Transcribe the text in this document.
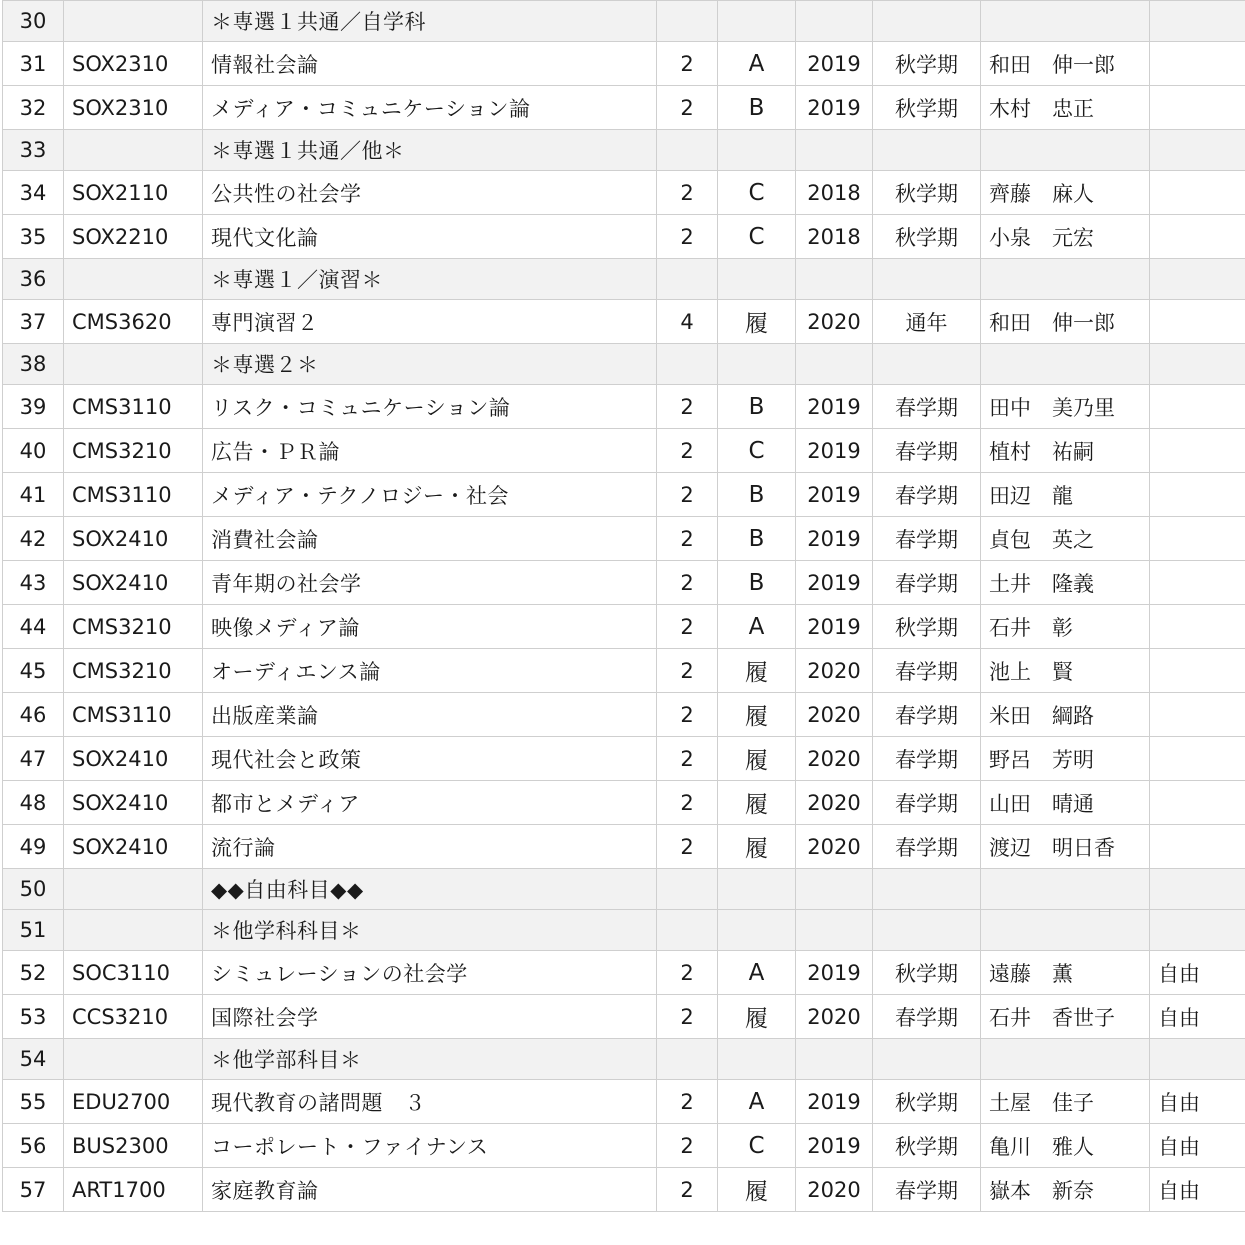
30		＊専選１共通／自学科						
31	SOX2310	情報社会論	2	A	2019	秋学期	和田　伸一郎	
32	SOX2310	メディア・コミュニケーション論	2	B	2019	秋学期	木村　忠正	
33		＊専選１共通／他＊						
34	SOX2110	公共性の社会学	2	C	2018	秋学期	齊藤　麻人	
35	SOX2210	現代文化論	2	C	2018	秋学期	小泉　元宏	
36		＊専選１／演習＊						
37	CMS3620	専門演習２	4	履	2020	通年	和田　伸一郎	
38		＊専選２＊						
39	CMS3110	リスク・コミュニケーション論	2	B	2019	春学期	田中　美乃里	
40	CMS3210	広告・ＰＲ論	2	C	2019	春学期	植村　祐嗣	
41	CMS3110	メディア・テクノロジー・社会	2	B	2019	春学期	田辺　龍	
42	SOX2410	消費社会論	2	B	2019	春学期	貞包　英之	
43	SOX2410	青年期の社会学	2	B	2019	春学期	土井　隆義	
44	CMS3210	映像メディア論	2	A	2019	秋学期	石井　彰	
45	CMS3210	オーディエンス論	2	履	2020	春学期	池上　賢	
46	CMS3110	出版産業論	2	履	2020	春学期	米田　綱路	
47	SOX2410	現代社会と政策	2	履	2020	春学期	野呂　芳明	
48	SOX2410	都市とメディア	2	履	2020	春学期	山田　晴通	
49	SOX2410	流行論	2	履	2020	春学期	渡辺　明日香	
50		◆◆自由科目◆◆						
51		＊他学科科目＊						
52	SOC3110	シミュレーションの社会学	2	A	2019	秋学期	遠藤　薫	自由
53	CCS3210	国際社会学	2	履	2020	春学期	石井　香世子	自由
54		＊他学部科目＊						
55	EDU2700	現代教育の諸問題　３	2	A	2019	秋学期	土屋　佳子	自由
56	BUS2300	コーポレート・ファイナンス	2	C	2019	秋学期	亀川　雅人	自由
57	ART1700	家庭教育論	2	履	2020	春学期	嶽本　新奈	自由
